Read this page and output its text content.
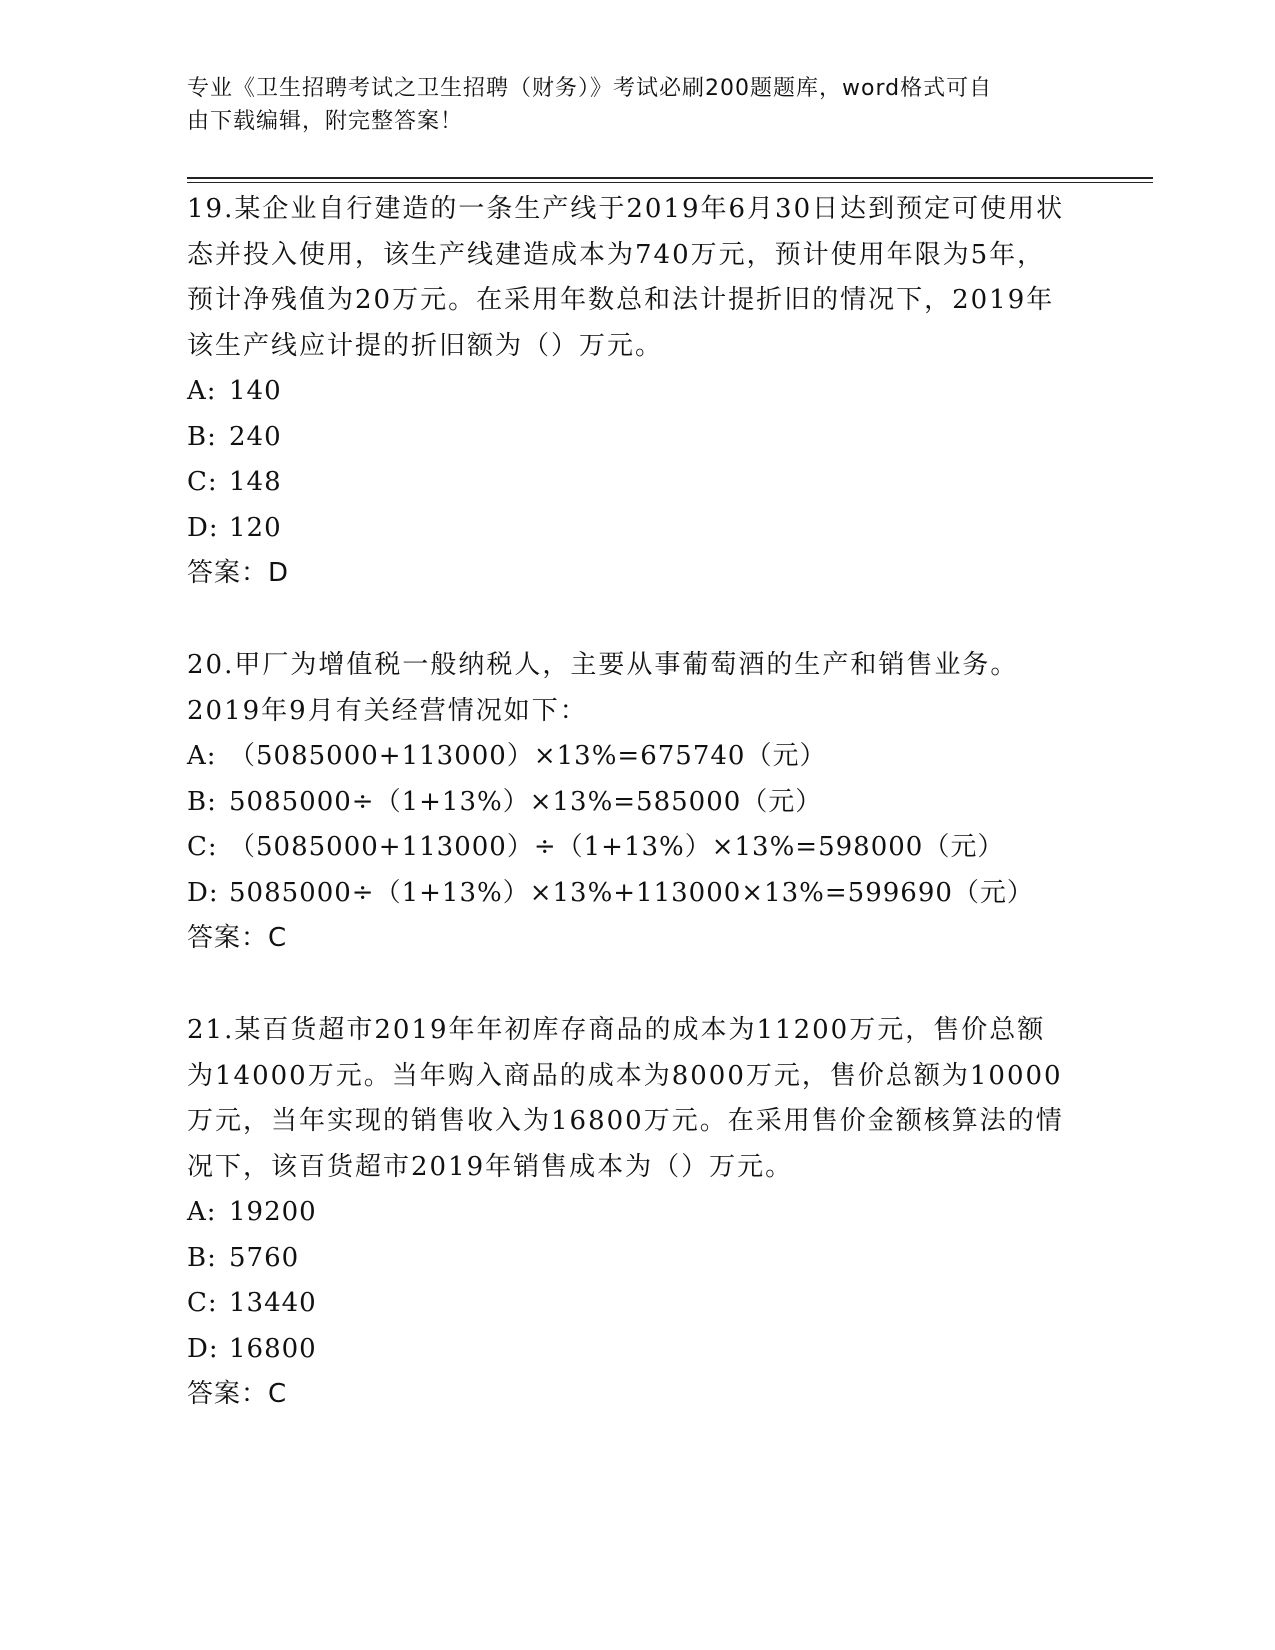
专业《卫生招聘考试之卫生招聘（财务）》考试必刷200题题库，word格式可自
由下载编辑，附完整答案！

19.某企业自行建造的一条生产线于2019年6月30日达到预定可使用状态并投入使用，该生产线建造成本为740万元，预计使用年限为5年，预计净残值为20万元。在采用年数总和法计提折旧的情况下，2019年该生产线应计提的折旧额为（）万元。

A: 140

B: 240

C: 148

D: 120

答案：D

20.甲厂为增值税一般纳税人，主要从事葡萄酒的生产和销售业务。2019年9月有关经营情况如下：

A: （5085000+113000）×13%=675740（元）

B: 5085000÷（1+13%）×13%=585000（元）

C: （5085000+113000）÷（1+13%）×13%=598000（元）

D: 5085000÷（1+13%）×13%+113000×13%=599690（元）

答案：C

21.某百货超市2019年年初库存商品的成本为11200万元，售价总额为14000万元。当年购入商品的成本为8000万元，售价总额为10000万元，当年实现的销售收入为16800万元。在采用售价金额核算法的情况下，该百货超市2019年销售成本为（）万元。

A: 19200

B: 5760

C: 13440

D: 16800

答案：C
